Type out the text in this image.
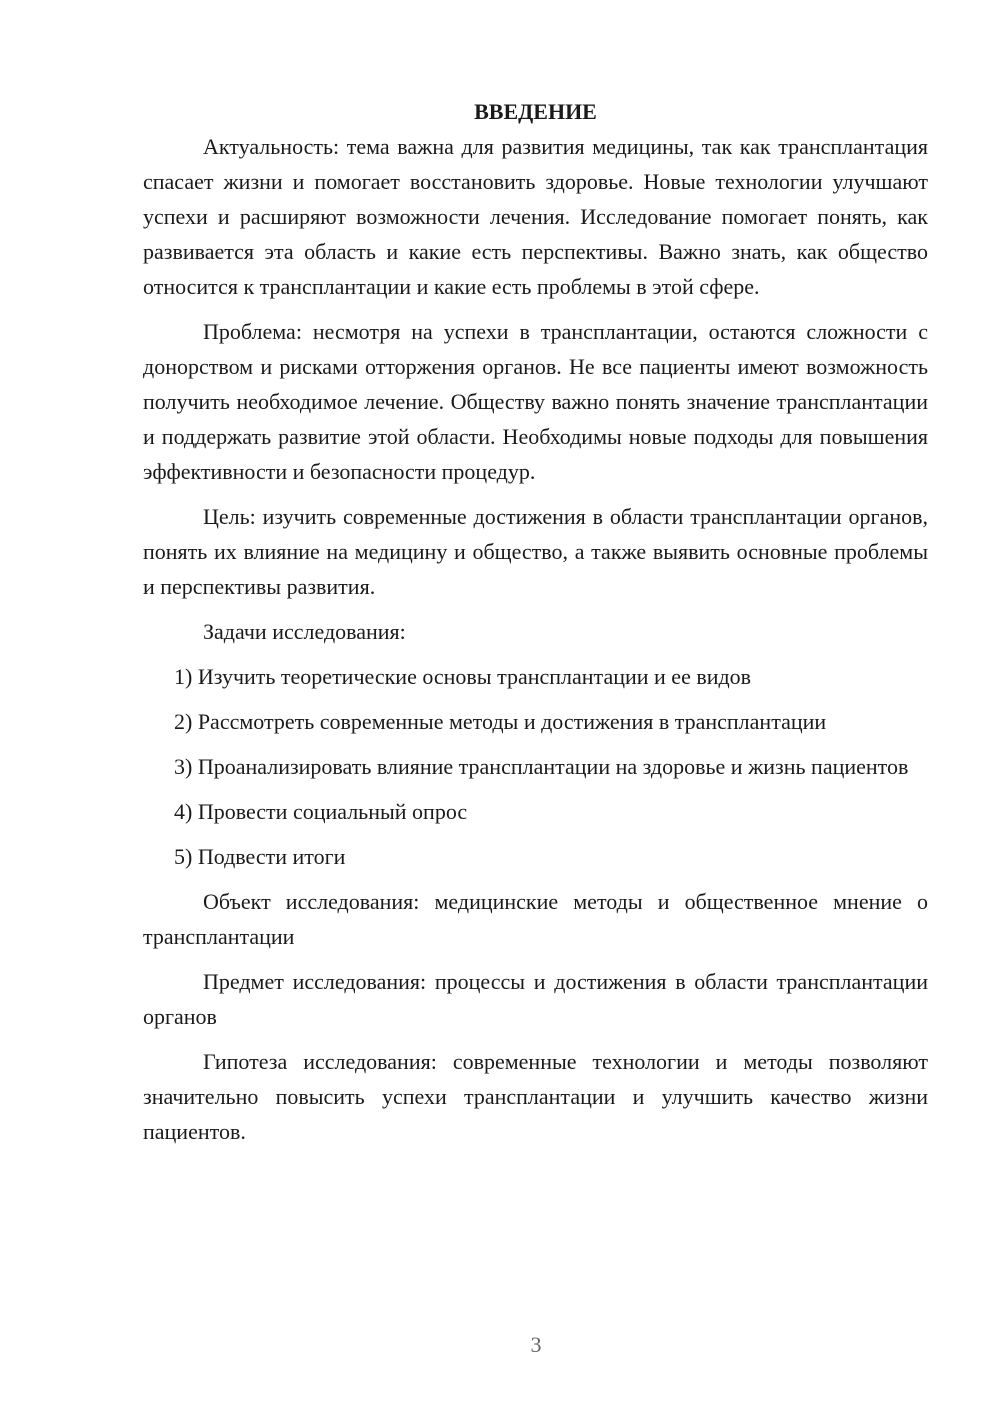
ВВЕДЕНИЕ

Актуальность: тема важна для развития медицины, так как трансплантация спасает жизни и помогает восстановить здоровье. Новые технологии улучшают успехи и расширяют возможности лечения. Исследование помогает понять, как развивается эта область и какие есть перспективы. Важно знать, как общество относится к трансплантации и какие есть проблемы в этой сфере.

Проблема: несмотря на успехи в трансплантации, остаются сложности с донорством и рисками отторжения органов. Не все пациенты имеют возможность получить необходимое лечение. Обществу важно понять значение трансплантации и поддержать развитие этой области. Необходимы новые подходы для повышения эффективности и безопасности процедур.

Цель: изучить современные достижения в области трансплантации органов, понять их влияние на медицину и общество, а также выявить основные проблемы и перспективы развития.

Задачи исследования:

1) Изучить теоретические основы трансплантации и ее видов

2) Рассмотреть современные методы и достижения в трансплантации

3) Проанализировать влияние трансплантации на здоровье и жизнь пациентов

4) Провести социальный опрос

5) Подвести итоги

Объект исследования: медицинские методы и общественное мнение о трансплантации

Предмет исследования: процессы и достижения в области трансплантации органов

Гипотеза исследования: современные технологии и методы позволяют значительно повысить успехи трансплантации и улучшить качество жизни пациентов.

3
